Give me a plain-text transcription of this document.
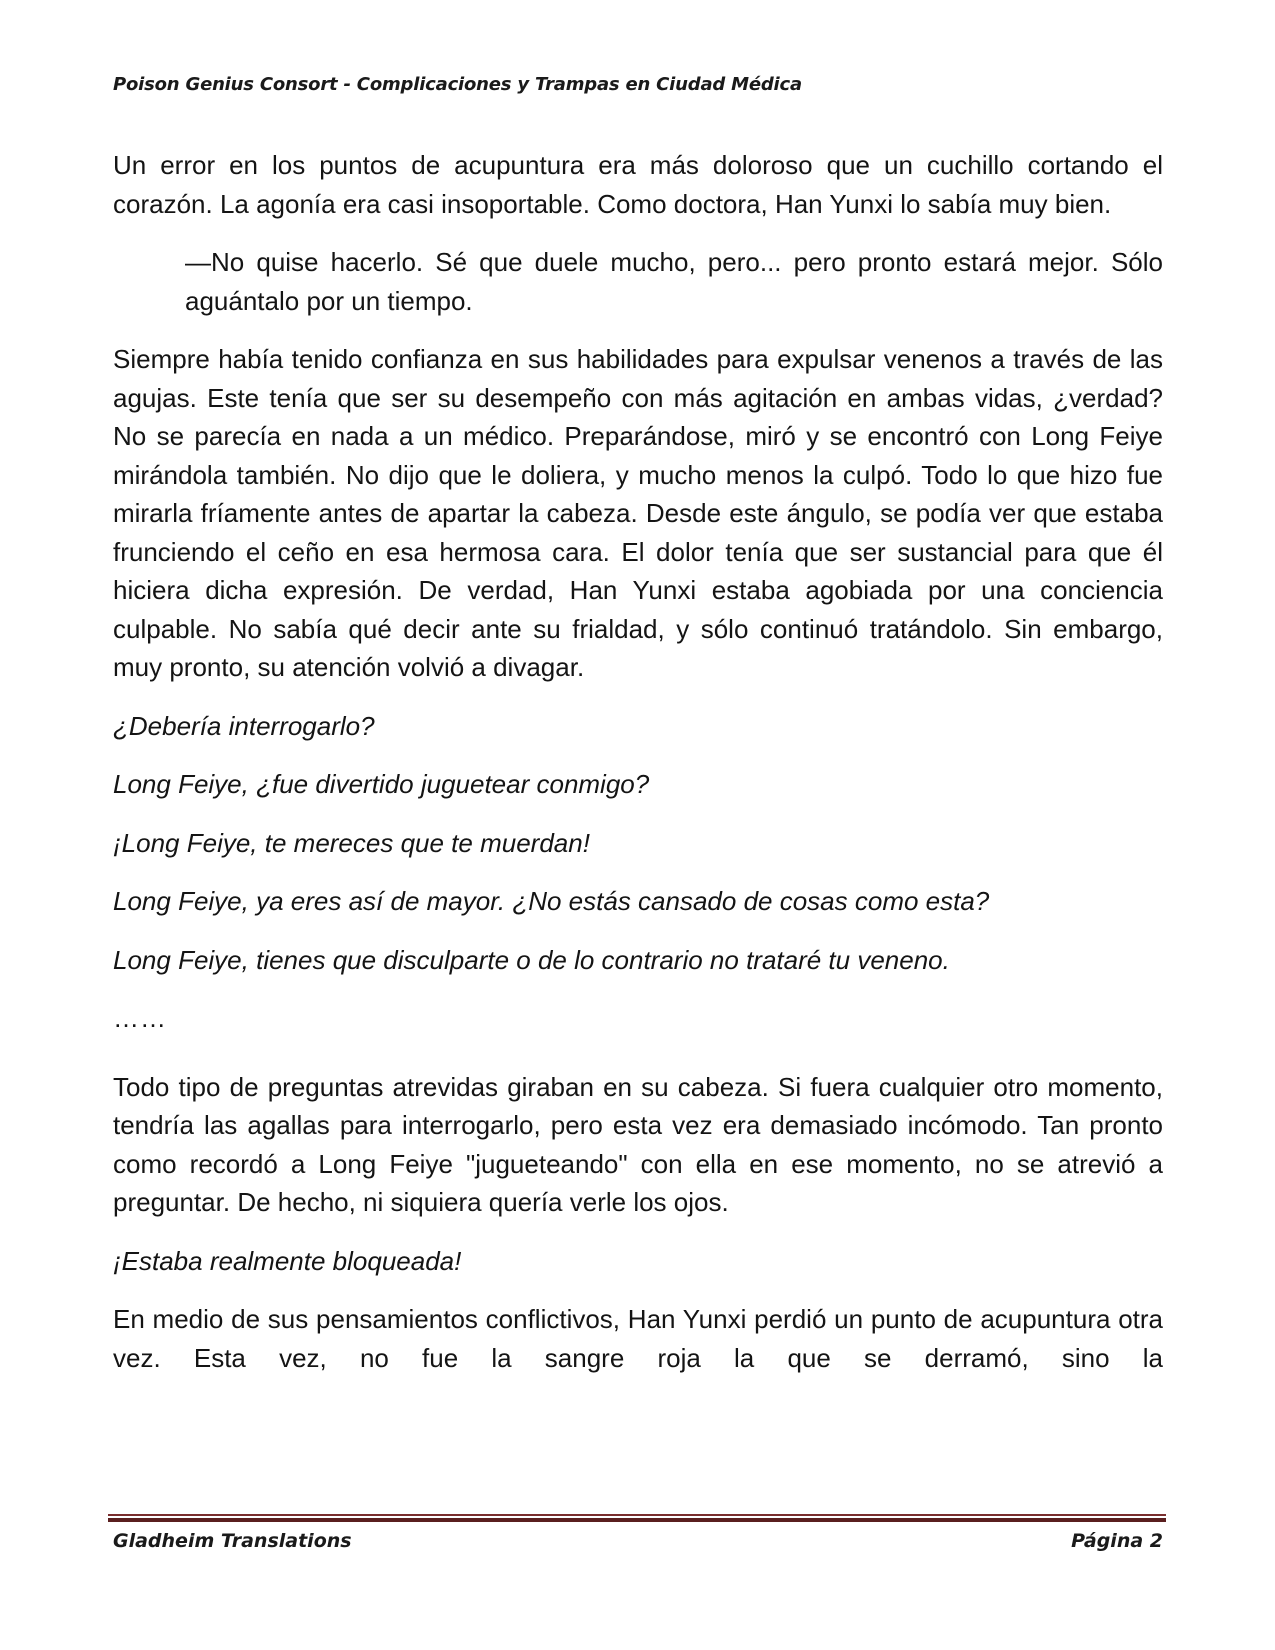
Poison Genius Consort - Complicaciones y Trampas en Ciudad Médica

Un error en los puntos de acupuntura era más doloroso que un cuchillo cortando el corazón. La agonía era casi insoportable. Como doctora, Han Yunxi lo sabía muy bien.

—No quise hacerlo. Sé que duele mucho, pero... pero pronto estará mejor. Sólo aguántalo por un tiempo.

Siempre había tenido confianza en sus habilidades para expulsar venenos a través de las agujas. Este tenía que ser su desempeño con más agitación en ambas vidas, ¿verdad? No se parecía en nada a un médico. Preparándose, miró y se encontró con Long Feiye mirándola también. No dijo que le doliera, y mucho menos la culpó. Todo lo que hizo fue mirarla fríamente antes de apartar la cabeza. Desde este ángulo, se podía ver que estaba frunciendo el ceño en esa hermosa cara. El dolor tenía que ser sustancial para que él hiciera dicha expresión. De verdad, Han Yunxi estaba agobiada por una conciencia culpable. No sabía qué decir ante su frialdad, y sólo continuó tratándolo. Sin embargo, muy pronto, su atención volvió a divagar.

¿Debería interrogarlo?

Long Feiye, ¿fue divertido juguetear conmigo?

¡Long Feiye, te mereces que te muerdan!

Long Feiye, ya eres así de mayor. ¿No estás cansado de cosas como esta?

Long Feiye, tienes que disculparte o de lo contrario no trataré tu veneno.

……

Todo tipo de preguntas atrevidas giraban en su cabeza. Si fuera cualquier otro momento, tendría las agallas para interrogarlo, pero esta vez era demasiado incómodo. Tan pronto como recordó a Long Feiye "jugueteando" con ella en ese momento, no se atrevió a preguntar. De hecho, ni siquiera quería verle los ojos.

¡Estaba realmente bloqueada!

En medio de sus pensamientos conflictivos, Han Yunxi perdió un punto de acupuntura otra vez. Esta vez, no fue la sangre roja la que se derramó, sino la

Gladheim Translations	Página 2
